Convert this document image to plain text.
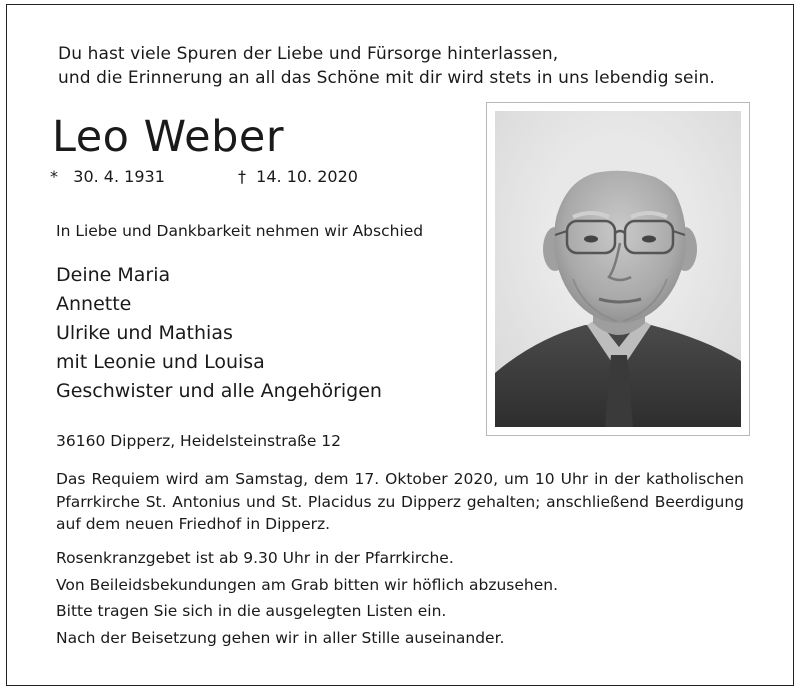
Du hast viele Spuren der Liebe und Fürsorge hinterlassen,
und die Erinnerung an all das Schöne mit dir wird stets in uns lebendig sein.
Leo Weber
* 30. 4. 1931	† 14. 10. 2020
In Liebe und Dankbarkeit nehmen wir Abschied
Deine Maria
Annette
Ulrike und Mathias
mit Leonie und Louisa
Geschwister und alle Angehörigen
36160 Dipperz, Heidelsteinstraße 12
Das Requiem wird am Samstag, dem 17. Oktober 2020, um 10 Uhr in der katholischen Pfarrkirche St. Antonius und St. Placidus zu Dipperz gehalten; anschließend Beerdigung auf dem neuen Friedhof in Dipperz.
Rosenkranzgebet ist ab 9.30 Uhr in der Pfarrkirche.
Von Beileidsbekundungen am Grab bitten wir höflich abzusehen.
Bitte tragen Sie sich in die ausgelegten Listen ein.
Nach der Beisetzung gehen wir in aller Stille auseinander.
